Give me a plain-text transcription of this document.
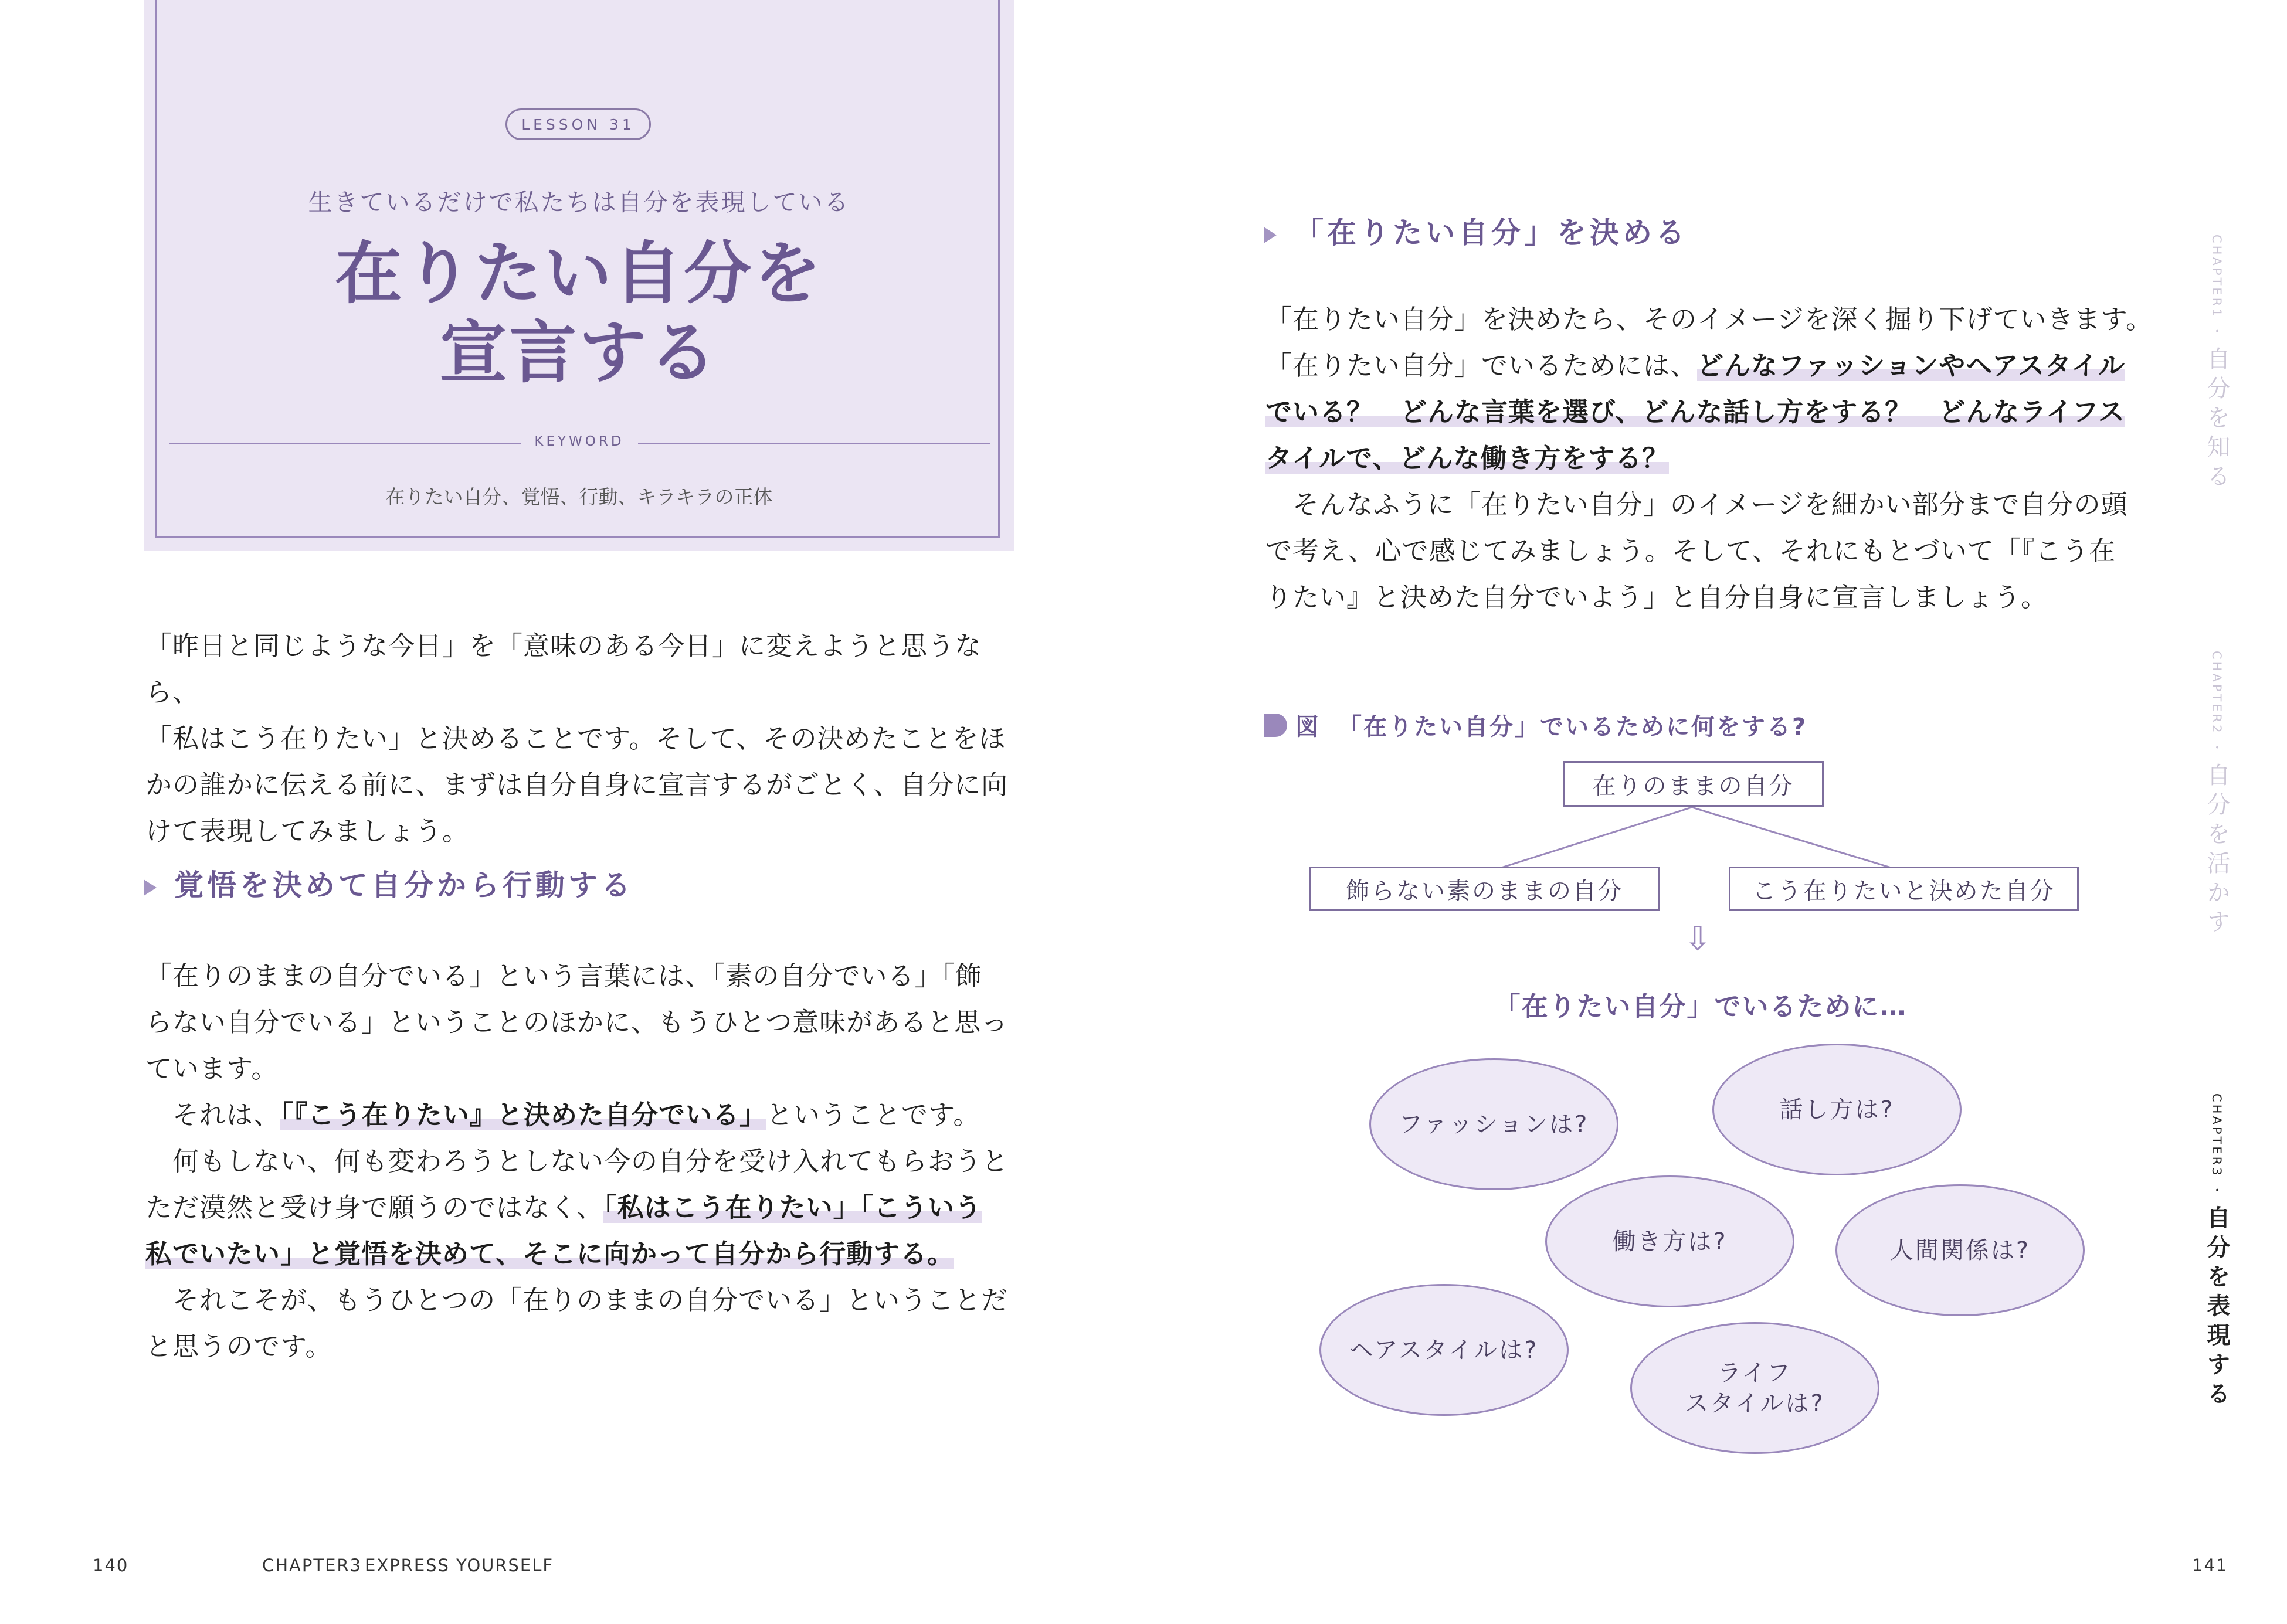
LESSON 31
生きているだけで私たちは自分を表現している
在りたい自分を
宣言する
KEYWORD
在りたい自分、覚悟、行動、キラキラの正体
「昨日と同じような今日」を「意味のある今日」に変えようと思うなら、
「私はこう在りたい」と決めることです。そして、その決めたことをほ
かの誰かに伝える前に、まずは自分自身に宣言するがごとく、自分に向
けて表現してみましょう。
覚悟を決めて自分から行動する
「在りのままの自分でいる」という言葉には、「素の自分でいる」「飾
らない自分でいる」ということのほかに、もうひとつ意味があると思っ
ています。
　それは、「『こう在りたい』と決めた自分でいる」ということです。
　何もしない、何も変わろうとしない今の自分を受け入れてもらおうと
ただ漠然と受け身で願うのではなく、「私はこう在りたい」「こういう
私でいたい」と覚悟を決めて、そこに向かって自分から行動する。
　それこそが、もうひとつの「在りのままの自分でいる」ということだ
と思うのです。
140	CHAPTER3 EXPRESS YOURSELF
「在りたい自分」を決める
「在りたい自分」を決めたら、そのイメージを深く掘り下げていきます。
「在りたい自分」でいるためには、どんなファッションやヘアスタイル
でいる？　どんな言葉を選び、どんな話し方をする？　どんなライフス
タイルで、どんな働き方をする？
　そんなふうに「在りたい自分」のイメージを細かい部分まで自分の頭
で考え、心で感じてみましょう。そして、それにもとづいて「『こう在
りたい』と決めた自分でいよう」と自分自身に宣言しましょう。
図 「在りたい自分」でいるために何をする?
在りのままの自分
飾らない素のままの自分	こう在りたいと決めた自分
⇩
「在りたい自分」でいるために…
ファッションは?
話し方は?
働き方は?	人間関係は?
ヘアスタイルは?
ライフ
スタイルは?
CHAPTER1 ・自分を知る
CHAPTER2 ・自分を活かす
CHAPTER3 ・自分を表現する
141
